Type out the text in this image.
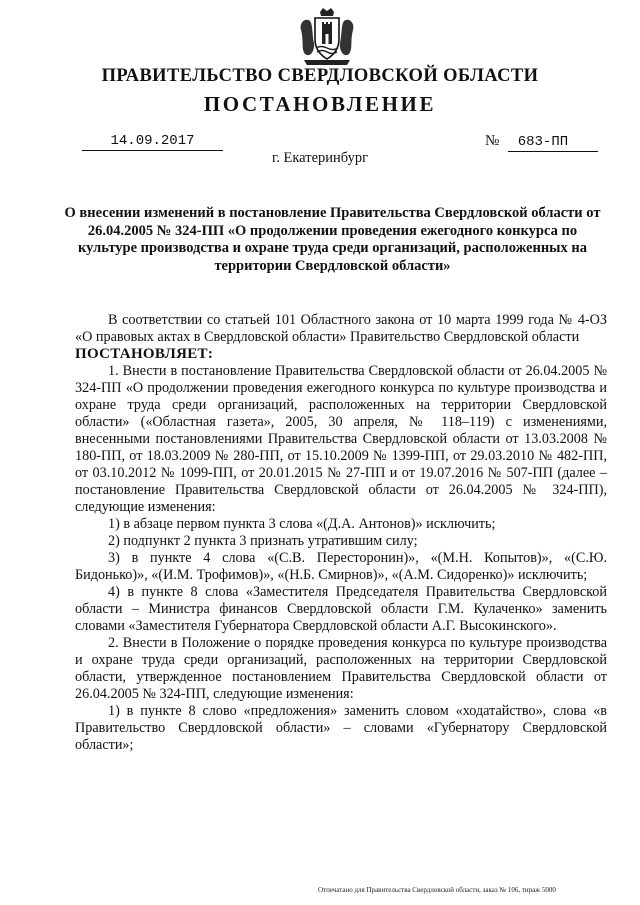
ПРАВИТЕЛЬСТВО СВЕРДЛОВСКОЙ ОБЛАСТИ
ПОСТАНОВЛЕНИЕ
14.09.2017	№ 683-ПП
г. Екатеринбург
О внесении изменений в постановление Правительства Свердловской области от 26.04.2005 № 324-ПП «О продолжении проведения ежегодного конкурса по культуре производства и охране труда среди организаций, расположенных на территории Свердловской области»

В соответствии со статьей 101 Областного закона от 10 марта 1999 года № 4-ОЗ «О правовых актах в Свердловской области» Правительство Свердловской области

ПОСТАНОВЛЯЕТ:

1. Внести в постановление Правительства Свердловской области от 26.04.2005 № 324-ПП «О продолжении проведения ежегодного конкурса по культуре производства и охране труда среди организаций, расположенных на территории Свердловской области» («Областная газета», 2005, 30 апреля, № 118–119) с изменениями, внесенными постановлениями Правительства Свердловской области от 13.03.2008 № 180-ПП, от 18.03.2009 № 280-ПП, от 15.10.2009 № 1399-ПП, от 29.03.2010 № 482-ПП, от 03.10.2012 № 1099-ПП, от 20.01.2015 № 27-ПП и от 19.07.2016 № 507-ПП (далее – постановление Правительства Свердловской области от 26.04.2005 № 324-ПП), следующие изменения:

1) в абзаце первом пункта 3 слова «(Д.А. Антонов)» исключить;

2) подпункт 2 пункта 3 признать утратившим силу;

3) в пункте 4 слова «(С.В. Пересторонин)», «(М.Н. Копытов)», «(С.Ю. Бидонько)», «(И.М. Трофимов)», «(Н.Б. Смирнов)», «(А.М. Сидоренко)» исключить;

4) в пункте 8 слова «Заместителя Председателя Правительства Свердловской области – Министра финансов Свердловской области Г.М. Кулаченко» заменить словами «Заместителя Губернатора Свердловской области А.Г. Высокинского».

2. Внести в Положение о порядке проведения конкурса по культуре производства и охране труда среди организаций, расположенных на территории Свердловской области, утвержденное постановлением Правительства Свердловской области от 26.04.2005 № 324-ПП, следующие изменения:

1) в пункте 8 слово «предложения» заменить словом «ходатайство», слова «в Правительство Свердловской области» – словами «Губернатору Свердловской области»;

Отпечатано для Правительства Свердловской области, заказ № 106, тираж 5000
